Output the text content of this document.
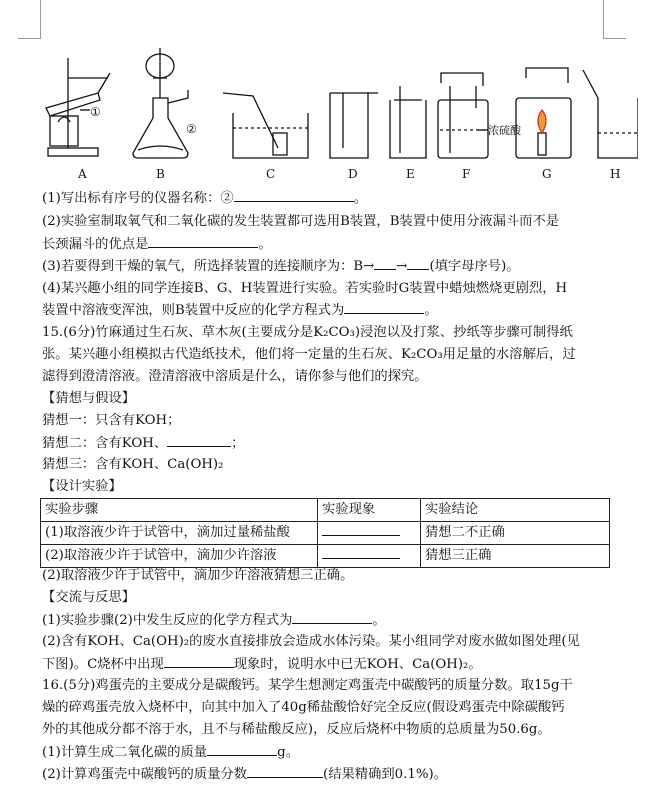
①
②	浓硫酸
A	B	C	D	E	F	G	H
(1)写出标有序号的仪器名称：②	。
(2)实验室制取氧气和二氧化碳的发生装置都可选用B装置，B装置中使用分液漏斗而不是
长颈漏斗的优点是	。
(3)若要得到干燥的氧气，所选择装置的连接顺序为：B→ → (填字母序号)。
(4)某兴趣小组的同学连接B、G、H装置进行实验。若实验时G装置中蜡烛燃烧更剧烈，H
装置中溶液变浑浊，则B装置中反应的化学方程式为	。
15.(6分)竹麻通过生石灰、草木灰(主要成分是K₂CO₃)浸泡以及打浆、抄纸等步骤可制得纸
张。某兴趣小组模拟古代造纸技术，他们将一定量的生石灰、K₂CO₃用足量的水溶解后，过
滤得到澄清溶液。澄清溶液中溶质是什么，请你参与他们的探究。
【猜想与假设】
猜想一：只含有KOH；
猜想二：含有KOH、	；
猜想三：含有KOH、Ca(OH)₂
【设计实验】
实验步骤	实验现象	实验结论
(1)取溶液少许于试管中，滴加过量稀盐酸		猜想二不正确
(2)取溶液少许于试管中，滴加少许溶液		猜想三正确
(2)取溶液少许于试管中，滴加少许溶液猜想三正确。
【交流与反思】
(1)实验步骤(2)中发生反应的化学方程式为	。
(2)含有KOH、Ca(OH)₂的废水直接排放会造成水体污染。某小组同学对废水做如图处理(见
下图)。C烧杯中出现	现象时，说明水中已无KOH、Ca(OH)₂。
16.(5分)鸡蛋壳的主要成分是碳酸钙。某学生想测定鸡蛋壳中碳酸钙的质量分数。取15g干
燥的碎鸡蛋壳放入烧杯中，向其中加入了40g稀盐酸恰好完全反应(假设鸡蛋壳中除碳酸钙
外的其他成分都不溶于水，且不与稀盐酸反应)，反应后烧杯中物质的总质量为50.6g。
(1)计算生成二氧化碳的质量	g。
(2)计算鸡蛋壳中碳酸钙的质量分数	(结果精确到0.1%)。
